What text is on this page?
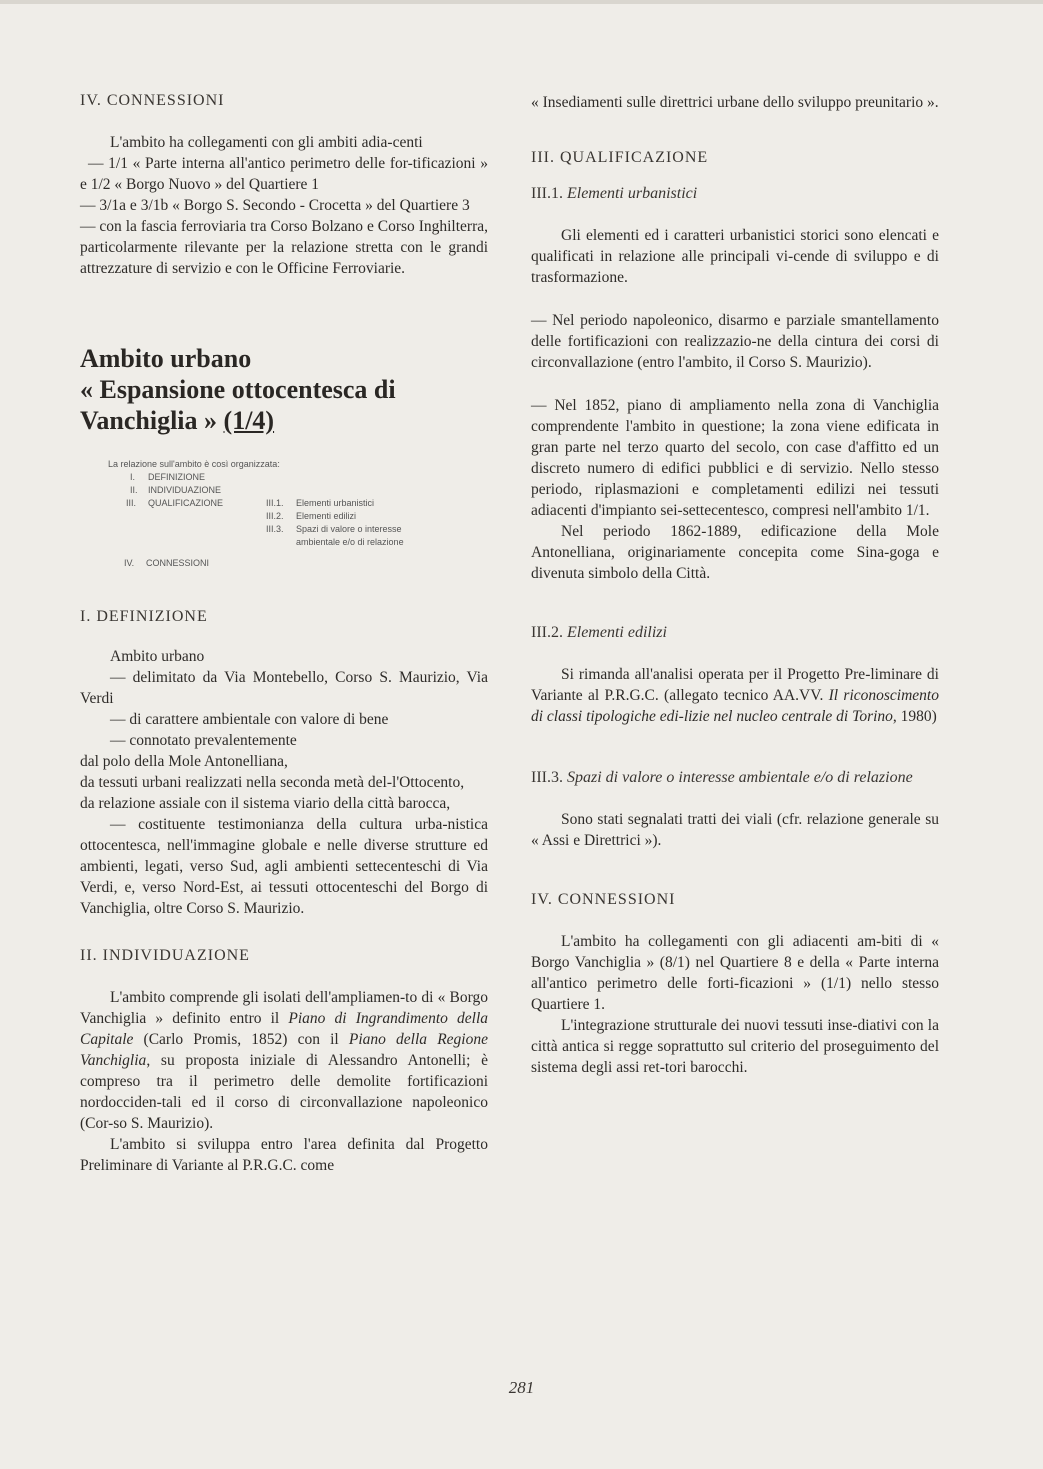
IV. CONNESSIONI

L'ambito ha collegamenti con gli ambiti adia-centi

— 1/1 « Parte interna all'antico perimetro delle for-tificazioni » e 1/2 « Borgo Nuovo » del Quartiere 1
— 3/1a e 3/1b « Borgo S. Secondo - Crocetta » del Quartiere 3
— con la fascia ferroviaria tra Corso Bolzano e Corso Inghilterra, particolarmente rilevante per la relazione stretta con le grandi attrezzature di servizio e con le Officine Ferroviarie.
Ambito urbano
« Espansione ottocentesca di
Vanchiglia » (1/4)
La relazione sull'ambito è così organizzata:
I.	DEFINIZIONE
II.	INDIVIDUAZIONE
III.	QUALIFICAZIONE	III.1.	Elementi urbanistici
III.2.	Elementi edilizi
III.3.	Spazi di valore o interesse ambientale e/o di relazione
IV.	CONNESSIONI
I. DEFINIZIONE
Ambito urbano
— delimitato da Via Montebello, Corso S. Maurizio, Via Verdi
— di carattere ambientale con valore di bene
— connotato prevalentemente
dal polo della Mole Antonelliana,
da tessuti urbani realizzati nella seconda metà del-l'Ottocento,
da relazione assiale con il sistema viario della città barocca,
— costituente testimonianza della cultura urba-nistica ottocentesca, nell'immagine globale e nelle diverse strutture ed ambienti, legati, verso Sud, agli ambienti settecenteschi di Via Verdi, e, verso Nord-Est, ai tessuti ottocenteschi del Borgo di Vanchiglia, oltre Corso S. Maurizio.
II. INDIVIDUAZIONE

L'ambito comprende gli isolati dell'ampliamen-to di « Borgo Vanchiglia » definito entro il Piano di Ingrandimento della Capitale (Carlo Promis, 1852) con il Piano della Regione Vanchiglia, su proposta iniziale di Alessandro Antonelli; è compreso tra il perimetro delle demolite fortificazioni nordocciden-tali ed il corso di circonvallazione napoleonico (Cor-so S. Maurizio).

L'ambito si sviluppa entro l'area definita dal Progetto Preliminare di Variante al P.R.G.C. come

« Insediamenti sulle direttrici urbane dello sviluppo preunitario ».

III. QUALIFICAZIONE
III.1. Elementi urbanistici

Gli elementi ed i caratteri urbanistici storici sono elencati e qualificati in relazione alle principali vi-cende di sviluppo e di trasformazione.

— Nel periodo napoleonico, disarmo e parziale smantellamento delle fortificazioni con realizzazio-ne della cintura dei corsi di circonvallazione (entro l'ambito, il Corso S. Maurizio).

— Nel 1852, piano di ampliamento nella zona di Vanchiglia comprendente l'ambito in questione; la zona viene edificata in gran parte nel terzo quarto del secolo, con case d'affitto ed un discreto numero di edifici pubblici e di servizio. Nello stesso periodo, riplasmazioni e completamenti edilizi nei tessuti adiacenti d'impianto sei-settecentesco, compresi nell'ambito 1/1.

Nel periodo 1862-1889, edificazione della Mole Antonelliana, originariamente concepita come Sina-goga e divenuta simbolo della Città.

III.2. Elementi edilizi

Si rimanda all'analisi operata per il Progetto Pre-liminare di Variante al P.R.G.C. (allegato tecnico AA.VV. Il riconoscimento di classi tipologiche edi-lizie nel nucleo centrale di Torino, 1980)

III.3. Spazi di valore o interesse ambientale e/o di relazione

Sono stati segnalati tratti dei viali (cfr. relazione generale su « Assi e Direttrici »).

IV. CONNESSIONI

L'ambito ha collegamenti con gli adiacenti am-biti di « Borgo Vanchiglia » (8/1) nel Quartiere 8 e della « Parte interna all'antico perimetro delle forti-ficazioni » (1/1) nello stesso Quartiere 1.

L'integrazione strutturale dei nuovi tessuti inse-diativi con la città antica si regge soprattutto sul criterio del proseguimento del sistema degli assi ret-tori barocchi.

281
